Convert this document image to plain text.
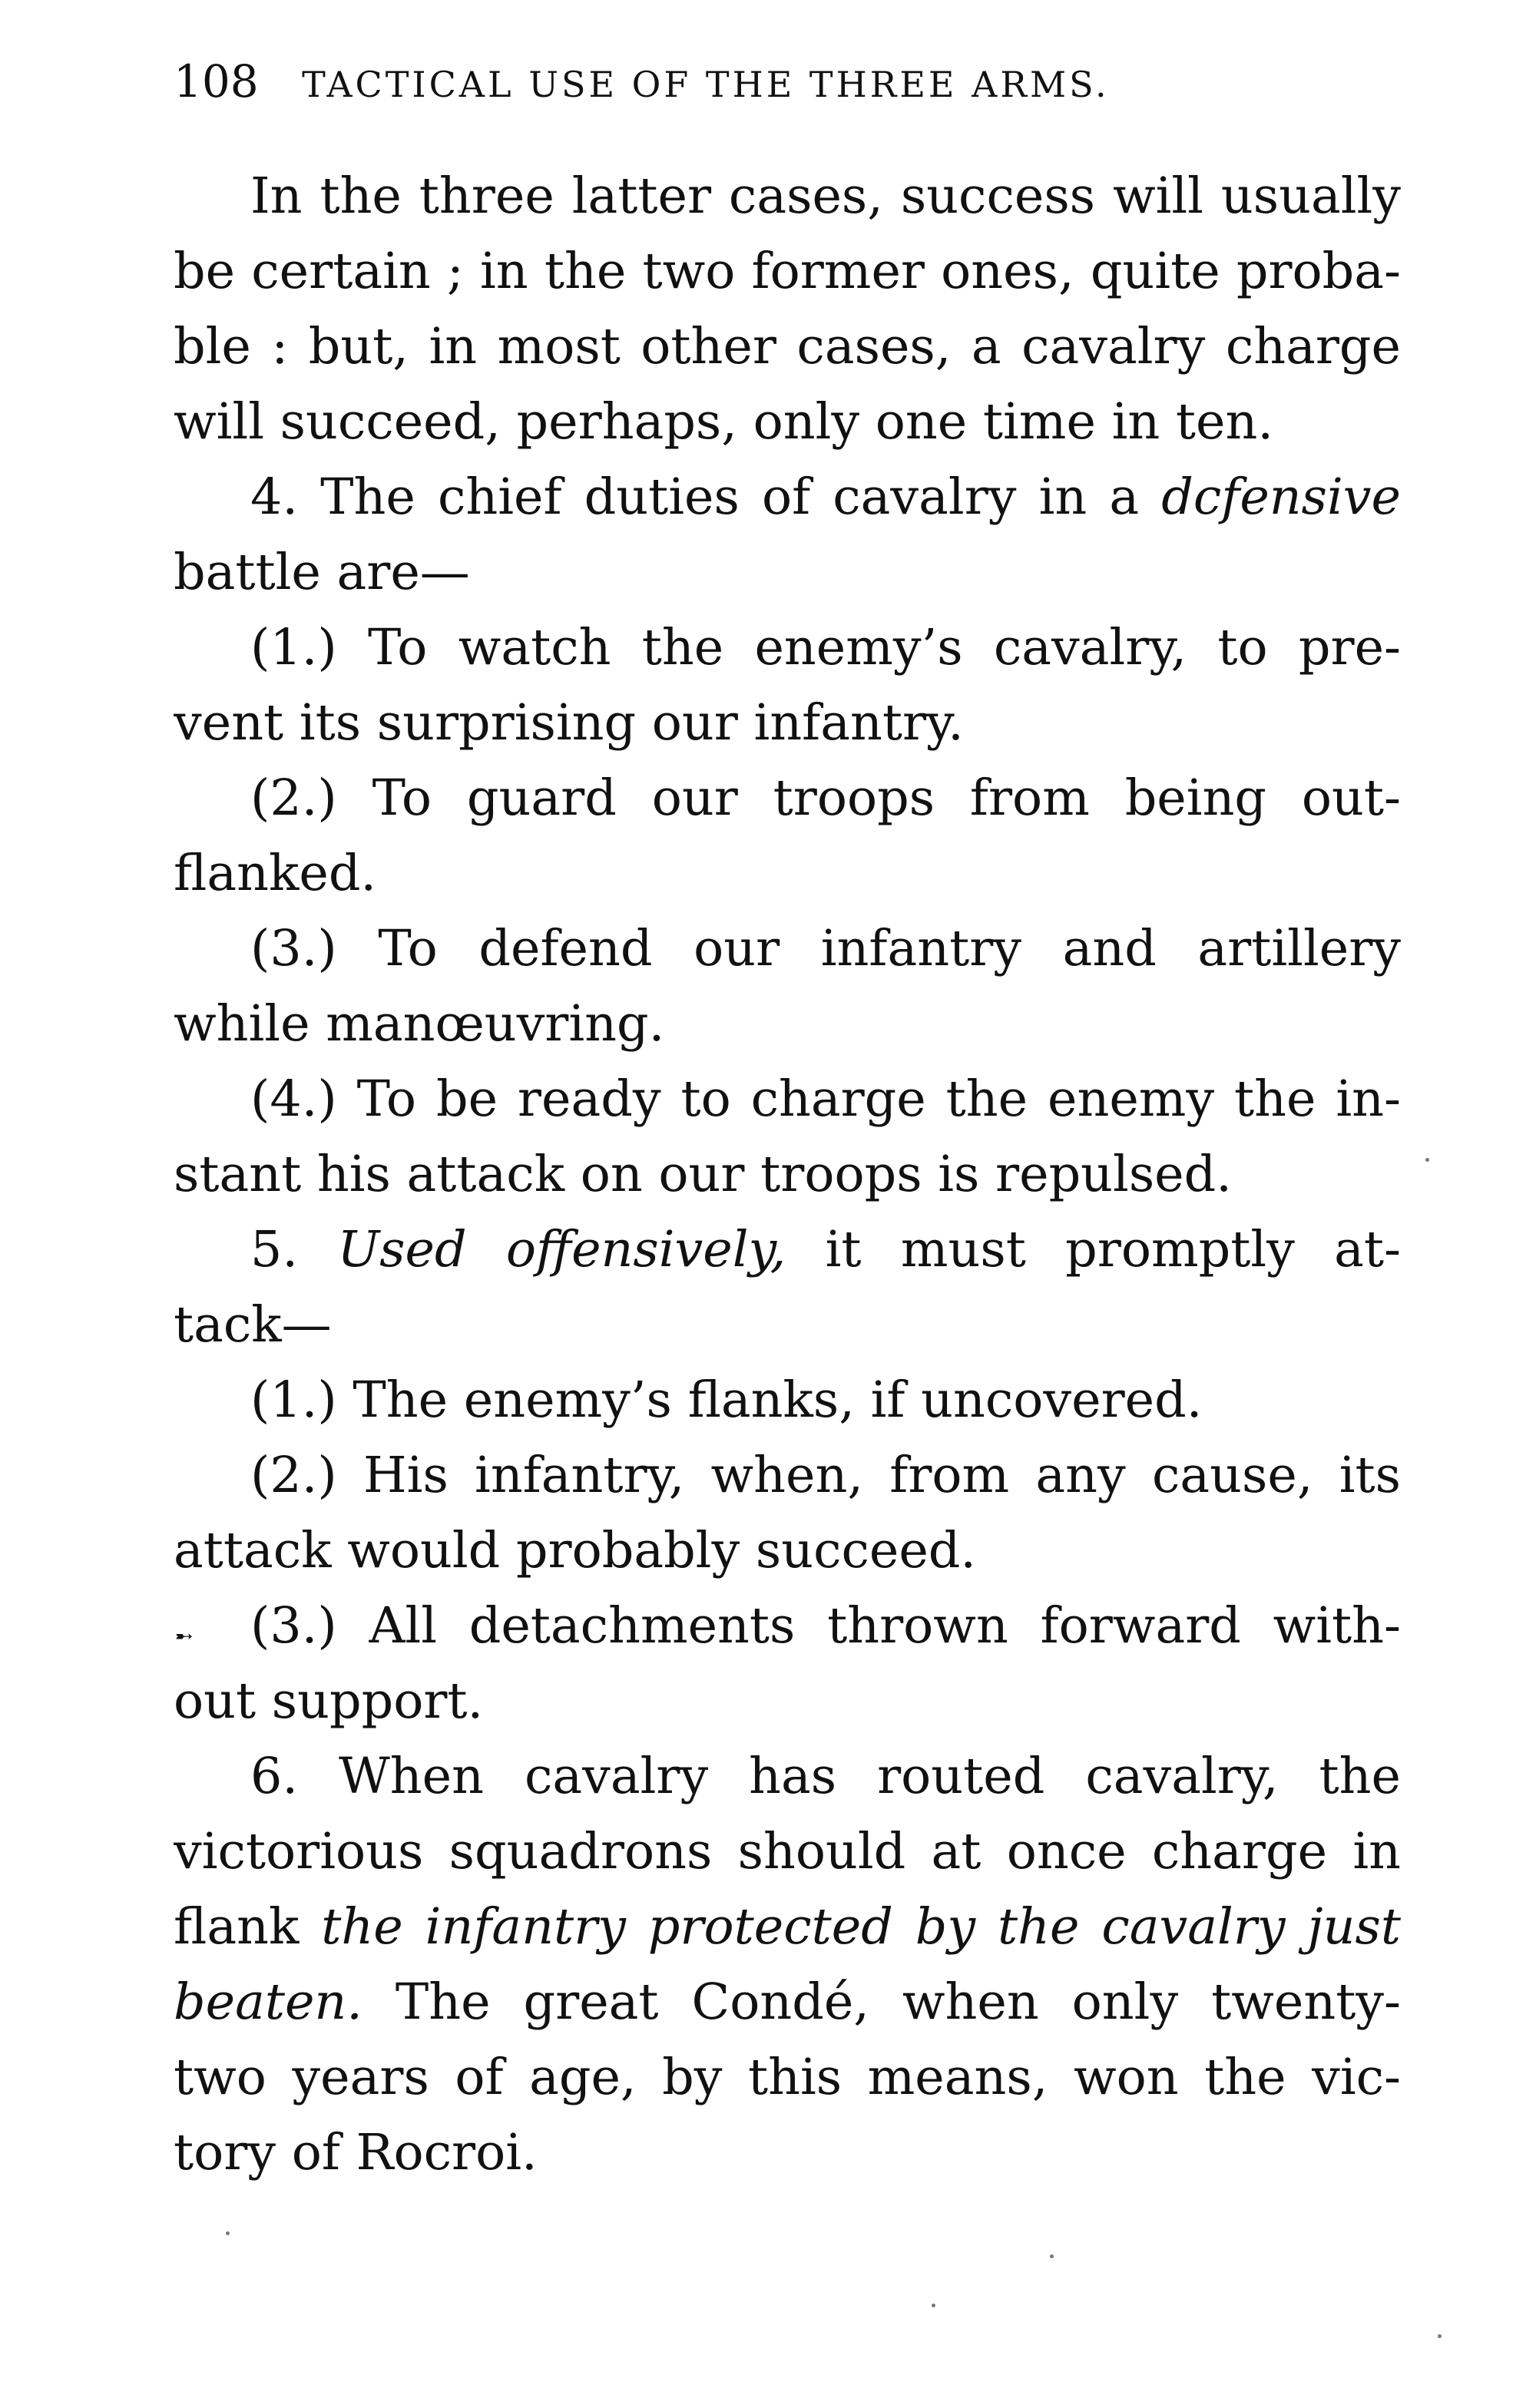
108 TACTICAL USE OF THE THREE ARMS.
In the three latter cases, success will usually
be certain ; in the two former ones, quite proba-
ble : but, in most other cases, a cavalry charge
will succeed, perhaps, only one time in ten.
4. The chief duties of cavalry in a dcfensive
battle are—
(1.) To watch the enemy’s cavalry, to pre-
vent its surprising our infantry.
(2.) To guard our troops from being out-
flanked.
(3.) To defend our infantry and artillery
while manœuvring.
(4.) To be ready to charge the enemy the in-
stant his attack on our troops is repulsed.
5. Used offensively, it must promptly at-
tack—
(1.) The enemy’s flanks, if uncovered.
(2.) His infantry, when, from any cause, its
attack would probably succeed.
➸ (3.) All detachments thrown forward with-
out support.
6. When cavalry has routed cavalry, the
victorious squadrons should at once charge in
flank the infantry protected by the cavalry just
beaten. The great Condé, when only twenty-
two years of age, by this means, won the vic-
tory of Rocroi.
